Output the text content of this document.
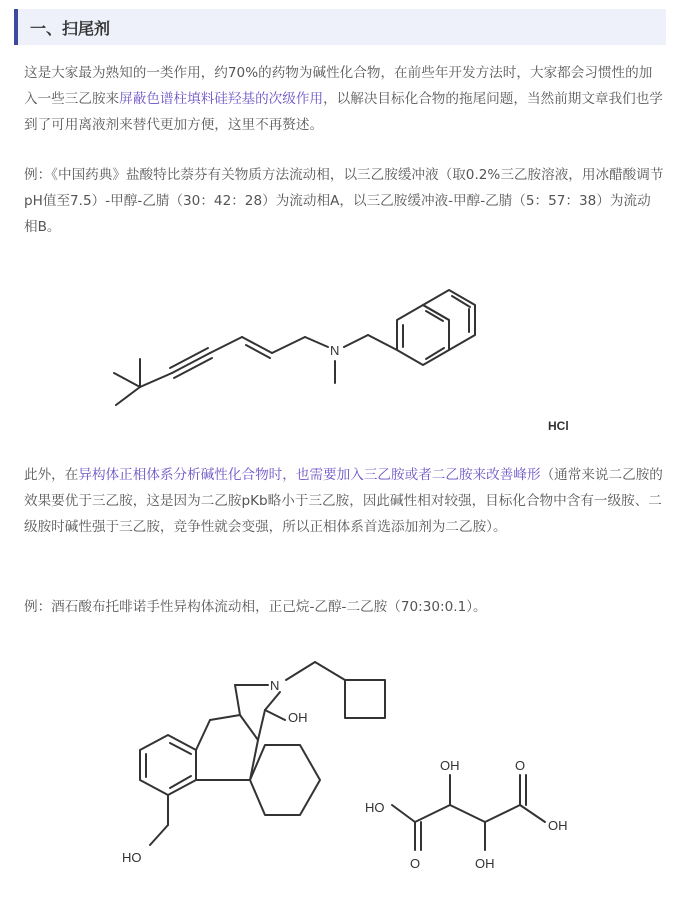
一、扫尾剂

这是大家最为熟知的一类作用，约70%的药物为碱性化合物，在前些年开发方法时，大家都会习惯性的加入一些三乙胺来屏蔽色谱柱填料硅羟基的次级作用，以解决目标化合物的拖尾问题，当然前期文章我们也学到了可用离液剂来替代更加方便，这里不再赘述。

例：《中国药典》盐酸特比萘芬有关物质方法流动相，以三乙胺缓冲液（取0.2%三乙胺溶液，用冰醋酸调节pH值至7.5）-甲醇-乙腈（30：42：28）为流动相A，以三乙胺缓冲液-甲醇-乙腈（5：57：38）为流动相B。

N
HCl

此外，在异构体正相体系分析碱性化合物时，也需要加入三乙胺或者二乙胺来改善峰形（通常来说二乙胺的效果要优于三乙胺，这是因为二乙胺pKb略小于三乙胺，因此碱性相对较强，目标化合物中含有一级胺、二级胺时碱性强于三乙胺，竞争性就会变强，所以正相体系首选添加剂为二乙胺）。

例：酒石酸布托啡诺手性异构体流动相，正己烷-乙醇-二乙胺（70:30:0.1）。

HO
N
OH
HO
O
OH
OH
O
OH
